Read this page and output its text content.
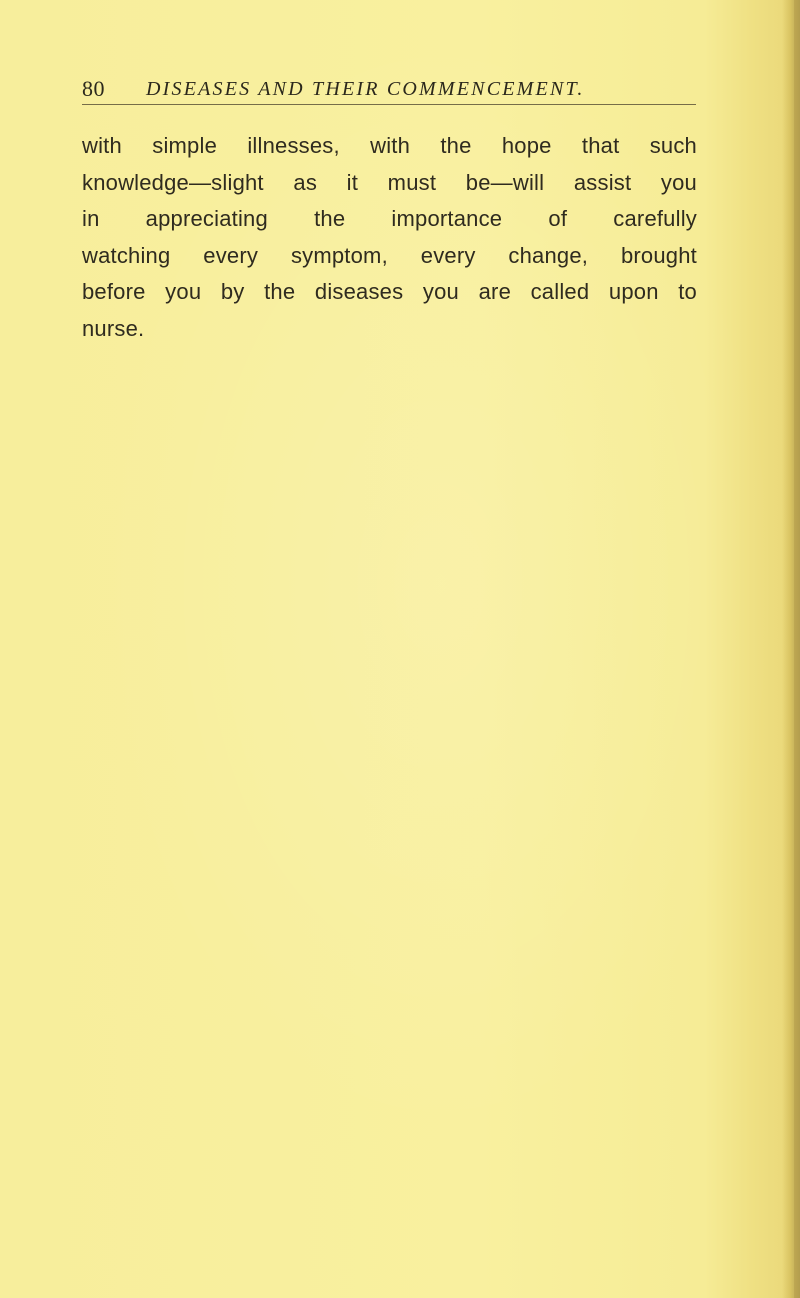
80 DISEASES AND THEIR COMMENCEMENT.
with simple illnesses, with the hope that such
knowledge—slight as it must be—will assist you
in appreciating the importance of carefully
watching every symptom, every change, brought
before you by the diseases you are called upon to
nurse.
